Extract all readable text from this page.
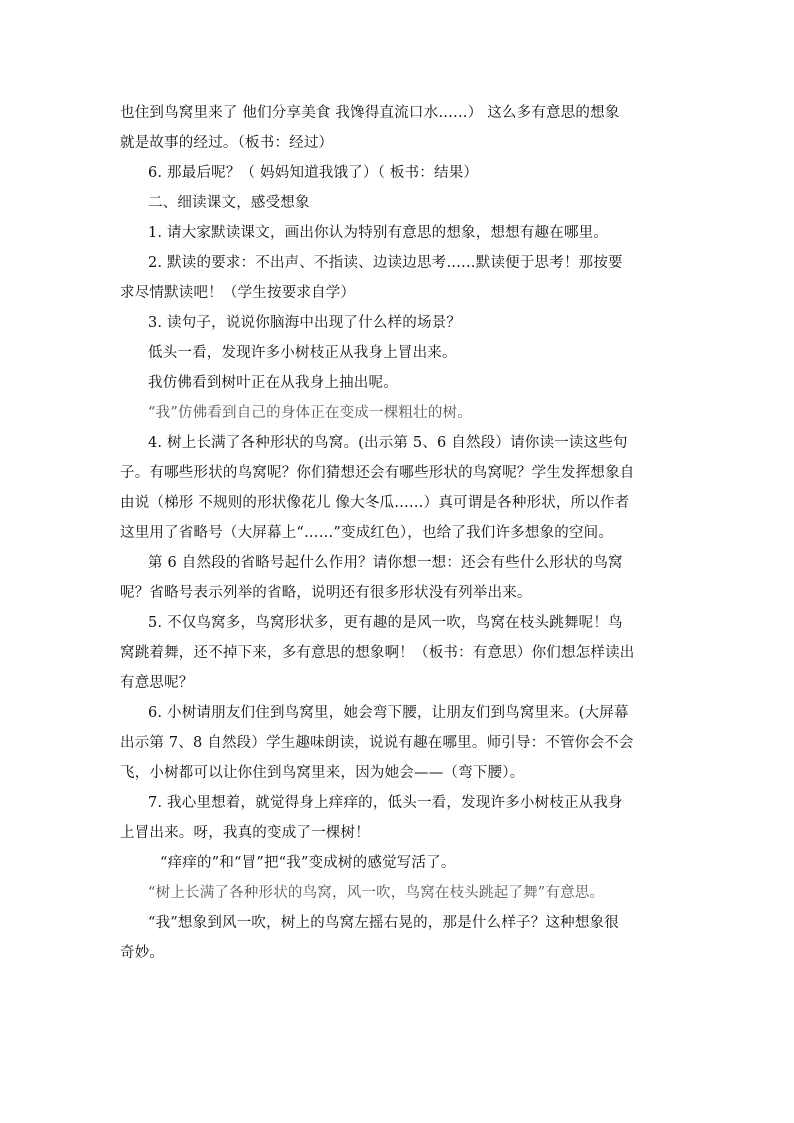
也住到鸟窝里来了 他们分享美食 我馋得直流口水……） 这么多有意思的想象
就是故事的经过。（板书：经过）
6. 那最后呢？（ 妈妈知道我饿了）（ 板书：结果）
二、细读课文，感受想象
1. 请大家默读课文，画出你认为特别有意思的想象，想想有趣在哪里。
2. 默读的要求：不出声、不指读、边读边思考……默读便于思考！那按要
求尽情默读吧！（学生按要求自学）
3. 读句子，说说你脑海中出现了什么样的场景？
低头一看，发现许多小树枝正从我身上冒出来。
我仿佛看到树叶正在从我身上抽出呢。
“我”仿佛看到自己的身体正在变成一棵粗壮的树。
4. 树上长满了各种形状的鸟窝。(出示第 5、6 自然段）请你读一读这些句
子。有哪些形状的鸟窝呢？你们猜想还会有哪些形状的鸟窝呢？学生发挥想象自
由说（梯形 不规则的形状像花儿 像大冬瓜……）真可谓是各种形状，所以作者
这里用了省略号（大屏幕上“……”变成红色），也给了我们许多想象的空间。
第 6 自然段的省略号起什么作用？请你想一想：还会有些什么形状的鸟窝
呢？省略号表示列举的省略，说明还有很多形状没有列举出来。
5. 不仅鸟窝多，鸟窝形状多，更有趣的是风一吹，鸟窝在枝头跳舞呢！鸟
窝跳着舞，还不掉下来，多有意思的想象啊！（板书：有意思）你们想怎样读出
有意思呢？
6. 小树请朋友们住到鸟窝里，她会弯下腰，让朋友们到鸟窝里来。(大屏幕
出示第 7、8 自然段）学生趣味朗读，说说有趣在哪里。师引导：不管你会不会
飞，小树都可以让你住到鸟窝里来，因为她会——（弯下腰）。
7. 我心里想着，就觉得身上痒痒的，低头一看，发现许多小树枝正从我身
上冒出来。呀，我真的变成了一棵树！
“痒痒的”和“冒”把“我”变成树的感觉写活了。
“树上长满了各种形状的鸟窝，风一吹，鸟窝在枝头跳起了舞”有意思。
“我”想象到风一吹，树上的鸟窝左摇右晃的，那是什么样子？这种想象很
奇妙。
